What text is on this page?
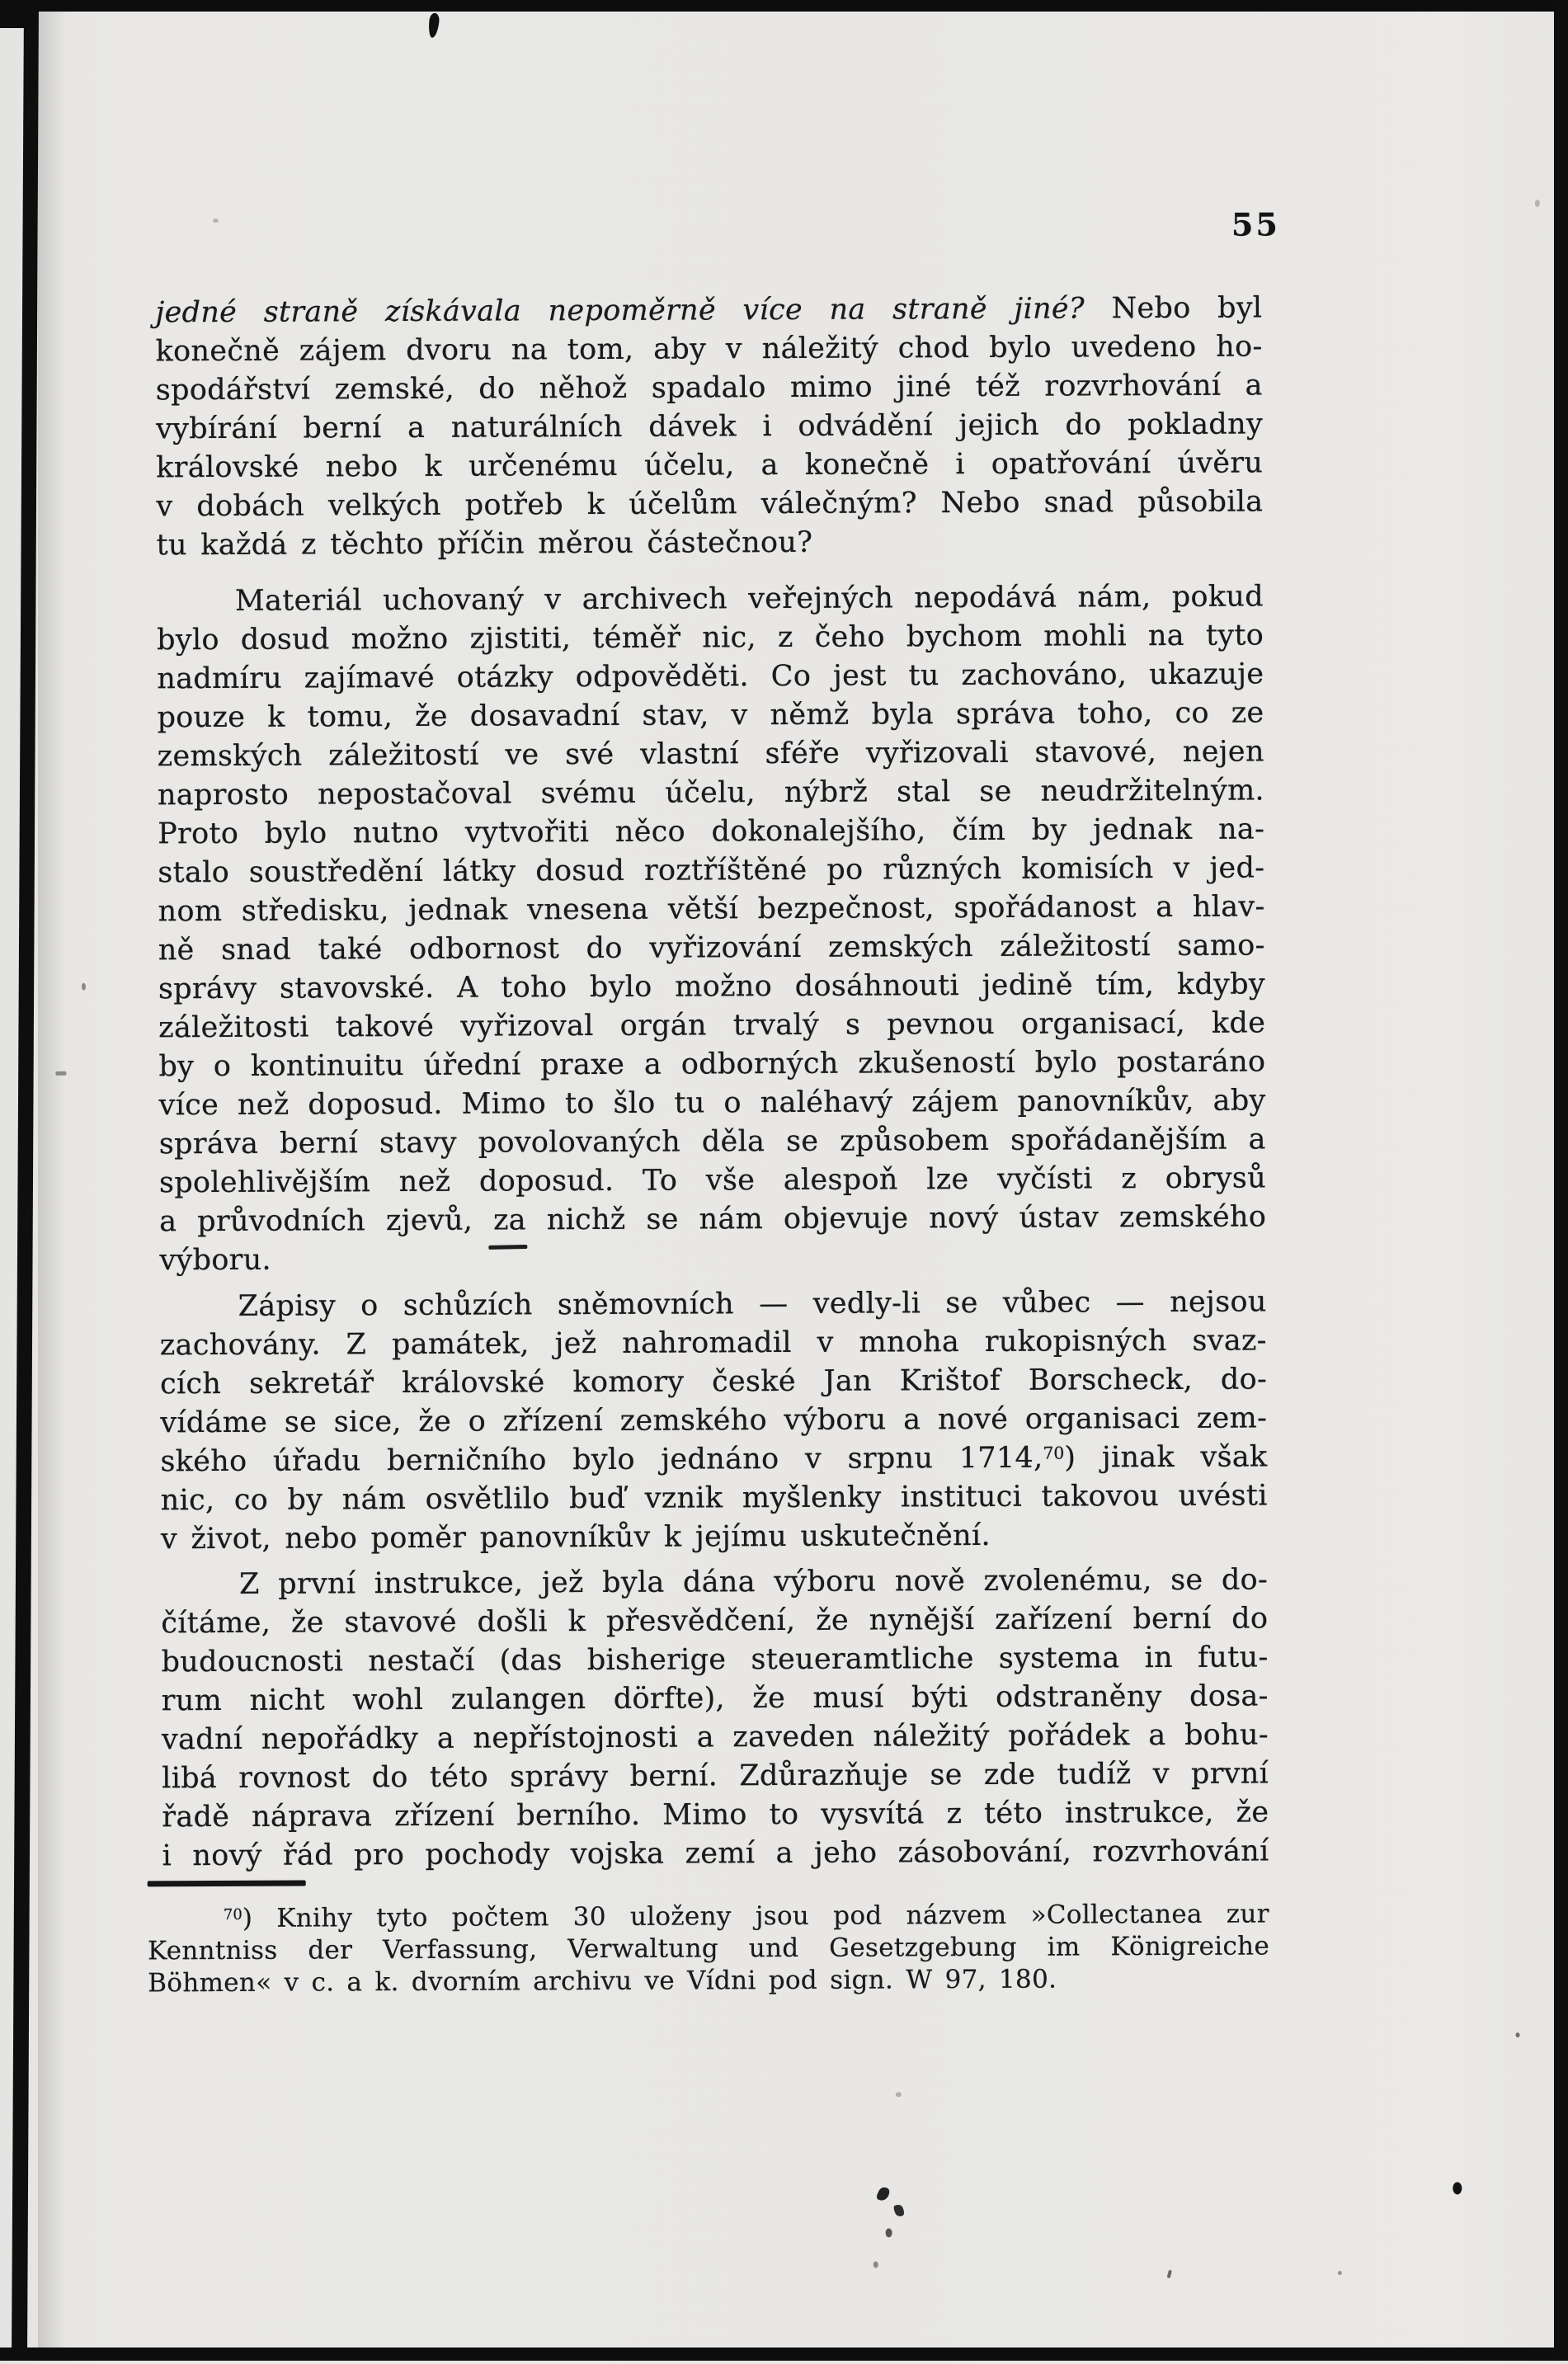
55
jedné straně získávala nepoměrně více na straně jiné? Nebo byl
konečně zájem dvoru na tom, aby v náležitý chod bylo uvedeno ho-
spodářství zemské, do něhož spadalo mimo jiné též rozvrhování a
vybírání berní a naturálních dávek i odvádění jejich do pokladny
královské nebo k určenému účelu, a konečně i opatřování úvěru
v dobách velkých potřeb k účelům válečným? Nebo snad působila
tu každá z těchto příčin měrou částečnou?
Materiál uchovaný v archivech veřejných nepodává nám, pokud
bylo dosud možno zjistiti, téměř nic, z čeho bychom mohli na tyto
nadmíru zajímavé otázky odpověděti. Co jest tu zachováno, ukazuje
pouze k tomu, že dosavadní stav, v němž byla správa toho, co ze
zemských záležitostí ve své vlastní sféře vyřizovali stavové, nejen
naprosto nepostačoval svému účelu, nýbrž stal se neudržitelným.
Proto bylo nutno vytvořiti něco dokonalejšího, čím by jednak na-
stalo soustředění látky dosud roztříštěné po různých komisích v jed-
nom středisku, jednak vnesena větší bezpečnost, spořádanost a hlav-
ně snad také odbornost do vyřizování zemských záležitostí samo-
správy stavovské. A toho bylo možno dosáhnouti jedině tím, kdyby
záležitosti takové vyřizoval orgán trvalý s pevnou organisací, kde
by o kontinuitu úřední praxe a odborných zkušeností bylo postaráno
více než doposud. Mimo to šlo tu o naléhavý zájem panovníkův, aby
správa berní stavy povolovaných děla se způsobem spořádanějším a
spolehlivějším než doposud. To vše alespoň lze vyčísti z obrysů
a průvodních zjevů, za nichž se nám objevuje nový ústav zemského
výboru.
Zápisy o schůzích sněmovních — vedly-li se vůbec — nejsou
zachovány. Z památek, jež nahromadil v mnoha rukopisných svaz-
cích sekretář královské komory české Jan Krištof Borscheck, do-
vídáme se sice, že o zřízení zemského výboru a nové organisaci zem-
ského úřadu berničního bylo jednáno v srpnu 1714,70) jinak však
nic, co by nám osvětlilo buď vznik myšlenky instituci takovou uvésti
v život, nebo poměr panovníkův k jejímu uskutečnění.
Z první instrukce, jež byla dána výboru nově zvolenému, se do-
čítáme, že stavové došli k přesvědčení, že nynější zařízení berní do
budoucnosti nestačí (das bisherige steueramtliche systema in futu-
rum nicht wohl zulangen dörfte), že musí býti odstraněny dosa-
vadní nepořádky a nepřístojnosti a zaveden náležitý pořádek a bohu-
libá rovnost do této správy berní. Zdůrazňuje se zde tudíž v první
řadě náprava zřízení berního. Mimo to vysvítá z této instrukce, že
i nový řád pro pochody vojska zemí a jeho zásobování, rozvrhování
$^{70}$) Knihy tyto počtem 30 uloženy jsou pod názvem »Collectanea zur
Kenntniss der Verfassung, Verwaltung und Gesetzgebung im Königreiche
Böhmen« v c. a k. dvorním archivu ve Vídni pod sign. W 97, 180.
